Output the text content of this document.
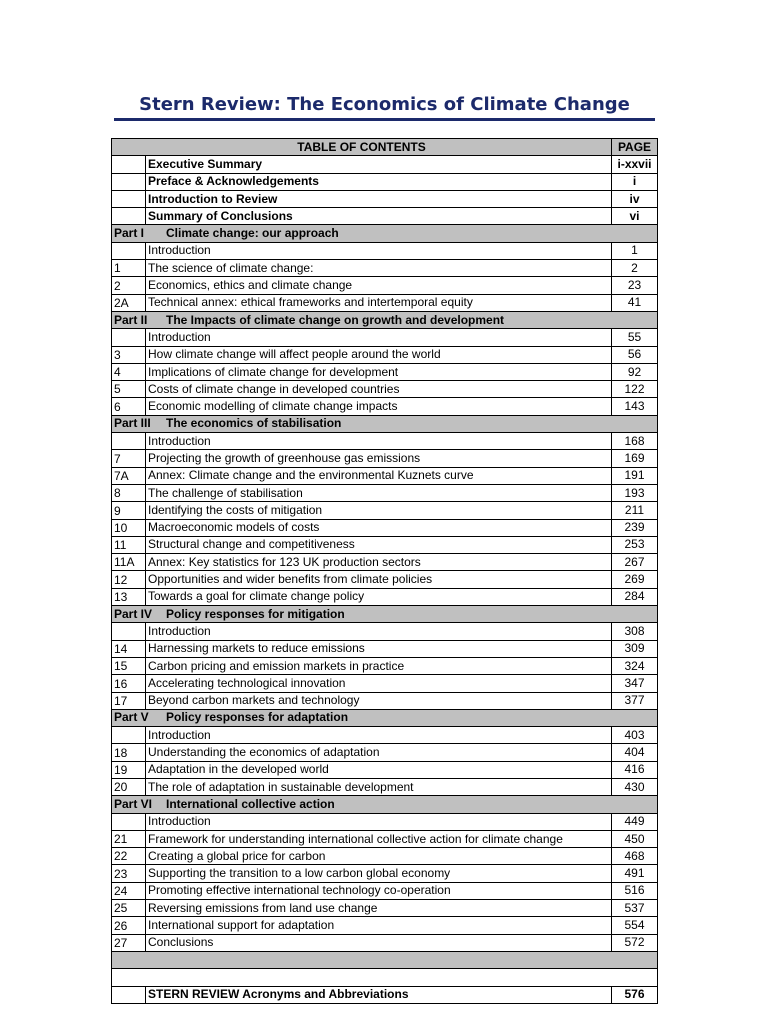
Stern Review: The Economics of Climate Change
TABLE OF CONTENTS		PAGE
	Executive Summary	i-xxvii
	Preface & Acknowledgements	i
	Introduction to Review	iv
	Summary of Conclusions	vi
Part I Climate change: our approach		
	Introduction	1
1	The science of climate change:	2
2	Economics, ethics and climate change	23
2A	Technical annex: ethical frameworks and intertemporal equity	41
Part II The Impacts of climate change on growth and development		
	Introduction	55
3	How climate change will affect people around the world	56
4	Implications of climate change for development	92
5	Costs of climate change in developed countries	122
6	Economic modelling of climate change impacts	143
Part III The economics of stabilisation		
	Introduction	168
7	Projecting the growth of greenhouse gas emissions	169
7A	Annex: Climate change and the environmental Kuznets curve	191
8	The challenge of stabilisation	193
9	Identifying the costs of mitigation	211
10	Macroeconomic models of costs	239
11	Structural change and competitiveness	253
11A	Annex: Key statistics for 123 UK production sectors	267
12	Opportunities and wider benefits from climate policies	269
13	Towards a goal for climate change policy	284
Part IV Policy responses for mitigation		
	Introduction	308
14	Harnessing markets to reduce emissions	309
15	Carbon pricing and emission markets in practice	324
16	Accelerating technological innovation	347
17	Beyond carbon markets and technology	377
Part V Policy responses for adaptation		
	Introduction	403
18	Understanding the economics of adaptation	404
19	Adaptation in the developed world	416
20	The role of adaptation in sustainable development	430
Part VI International collective action		
	Introduction	449
21	Framework for understanding international collective action for climate change	450
22	Creating a global price for carbon	468
23	Supporting the transition to a low carbon global economy	491
24	Promoting effective international technology co-operation	516
25	Reversing emissions from land use change	537
26	International support for adaptation	554
27	Conclusions	572

	STERN REVIEW Acronyms and Abbreviations	576
